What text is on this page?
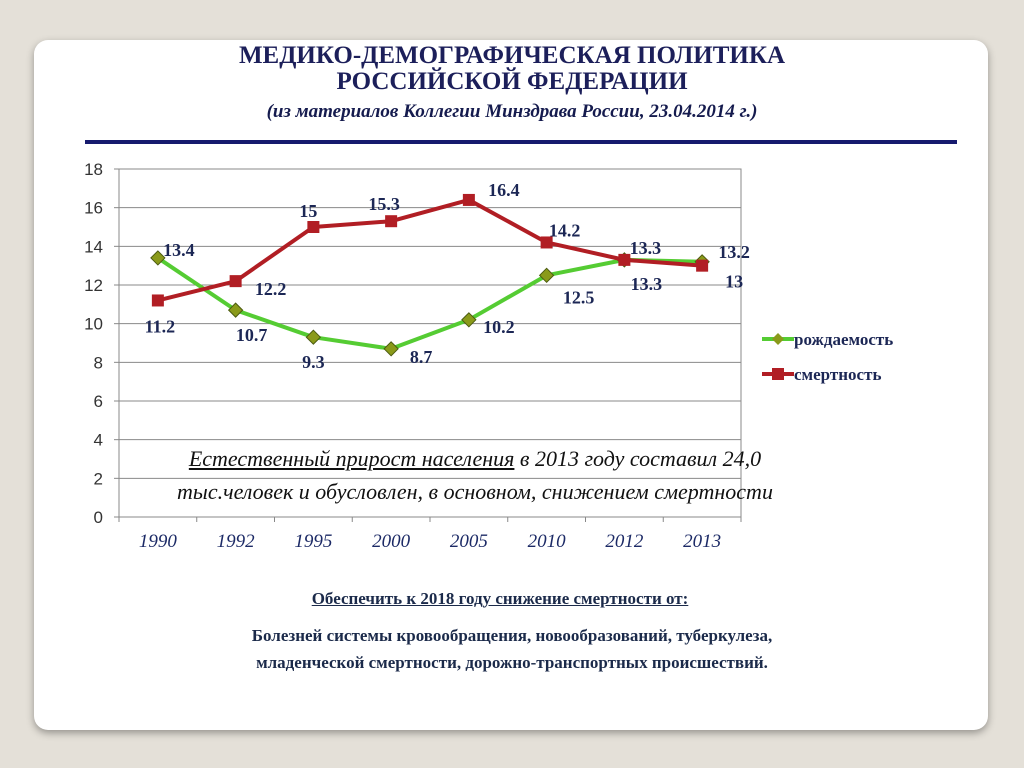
МЕДИКО-ДЕМОГРАФИЧЕСКАЯ ПОЛИТИКА
РОССИЙСКОЙ ФЕДЕРАЦИИ
(из материалов Коллегии Минздрава России, 23.04.2014 г.)
0
2
4
6
8
10
12
14
16
18
1990 1992 1995 2000 2005 2010 2012 2013
13.4
10.7
9.3	8.7
10.2
12.5
13.3
13.2
11.2
12.2
15	15.3
16.4
14.2
13.3
13
рождаемость
смертность
Естественный прирост населения в 2013 году составил 24,0
тыс.человек и обусловлен, в основном, снижением смертности
Обеспечить к 2018 году снижение смертности от:
Болезней системы кровообращения, новообразований, туберкулеза,
младенческой смертности, дорожно-транспортных происшествий.
